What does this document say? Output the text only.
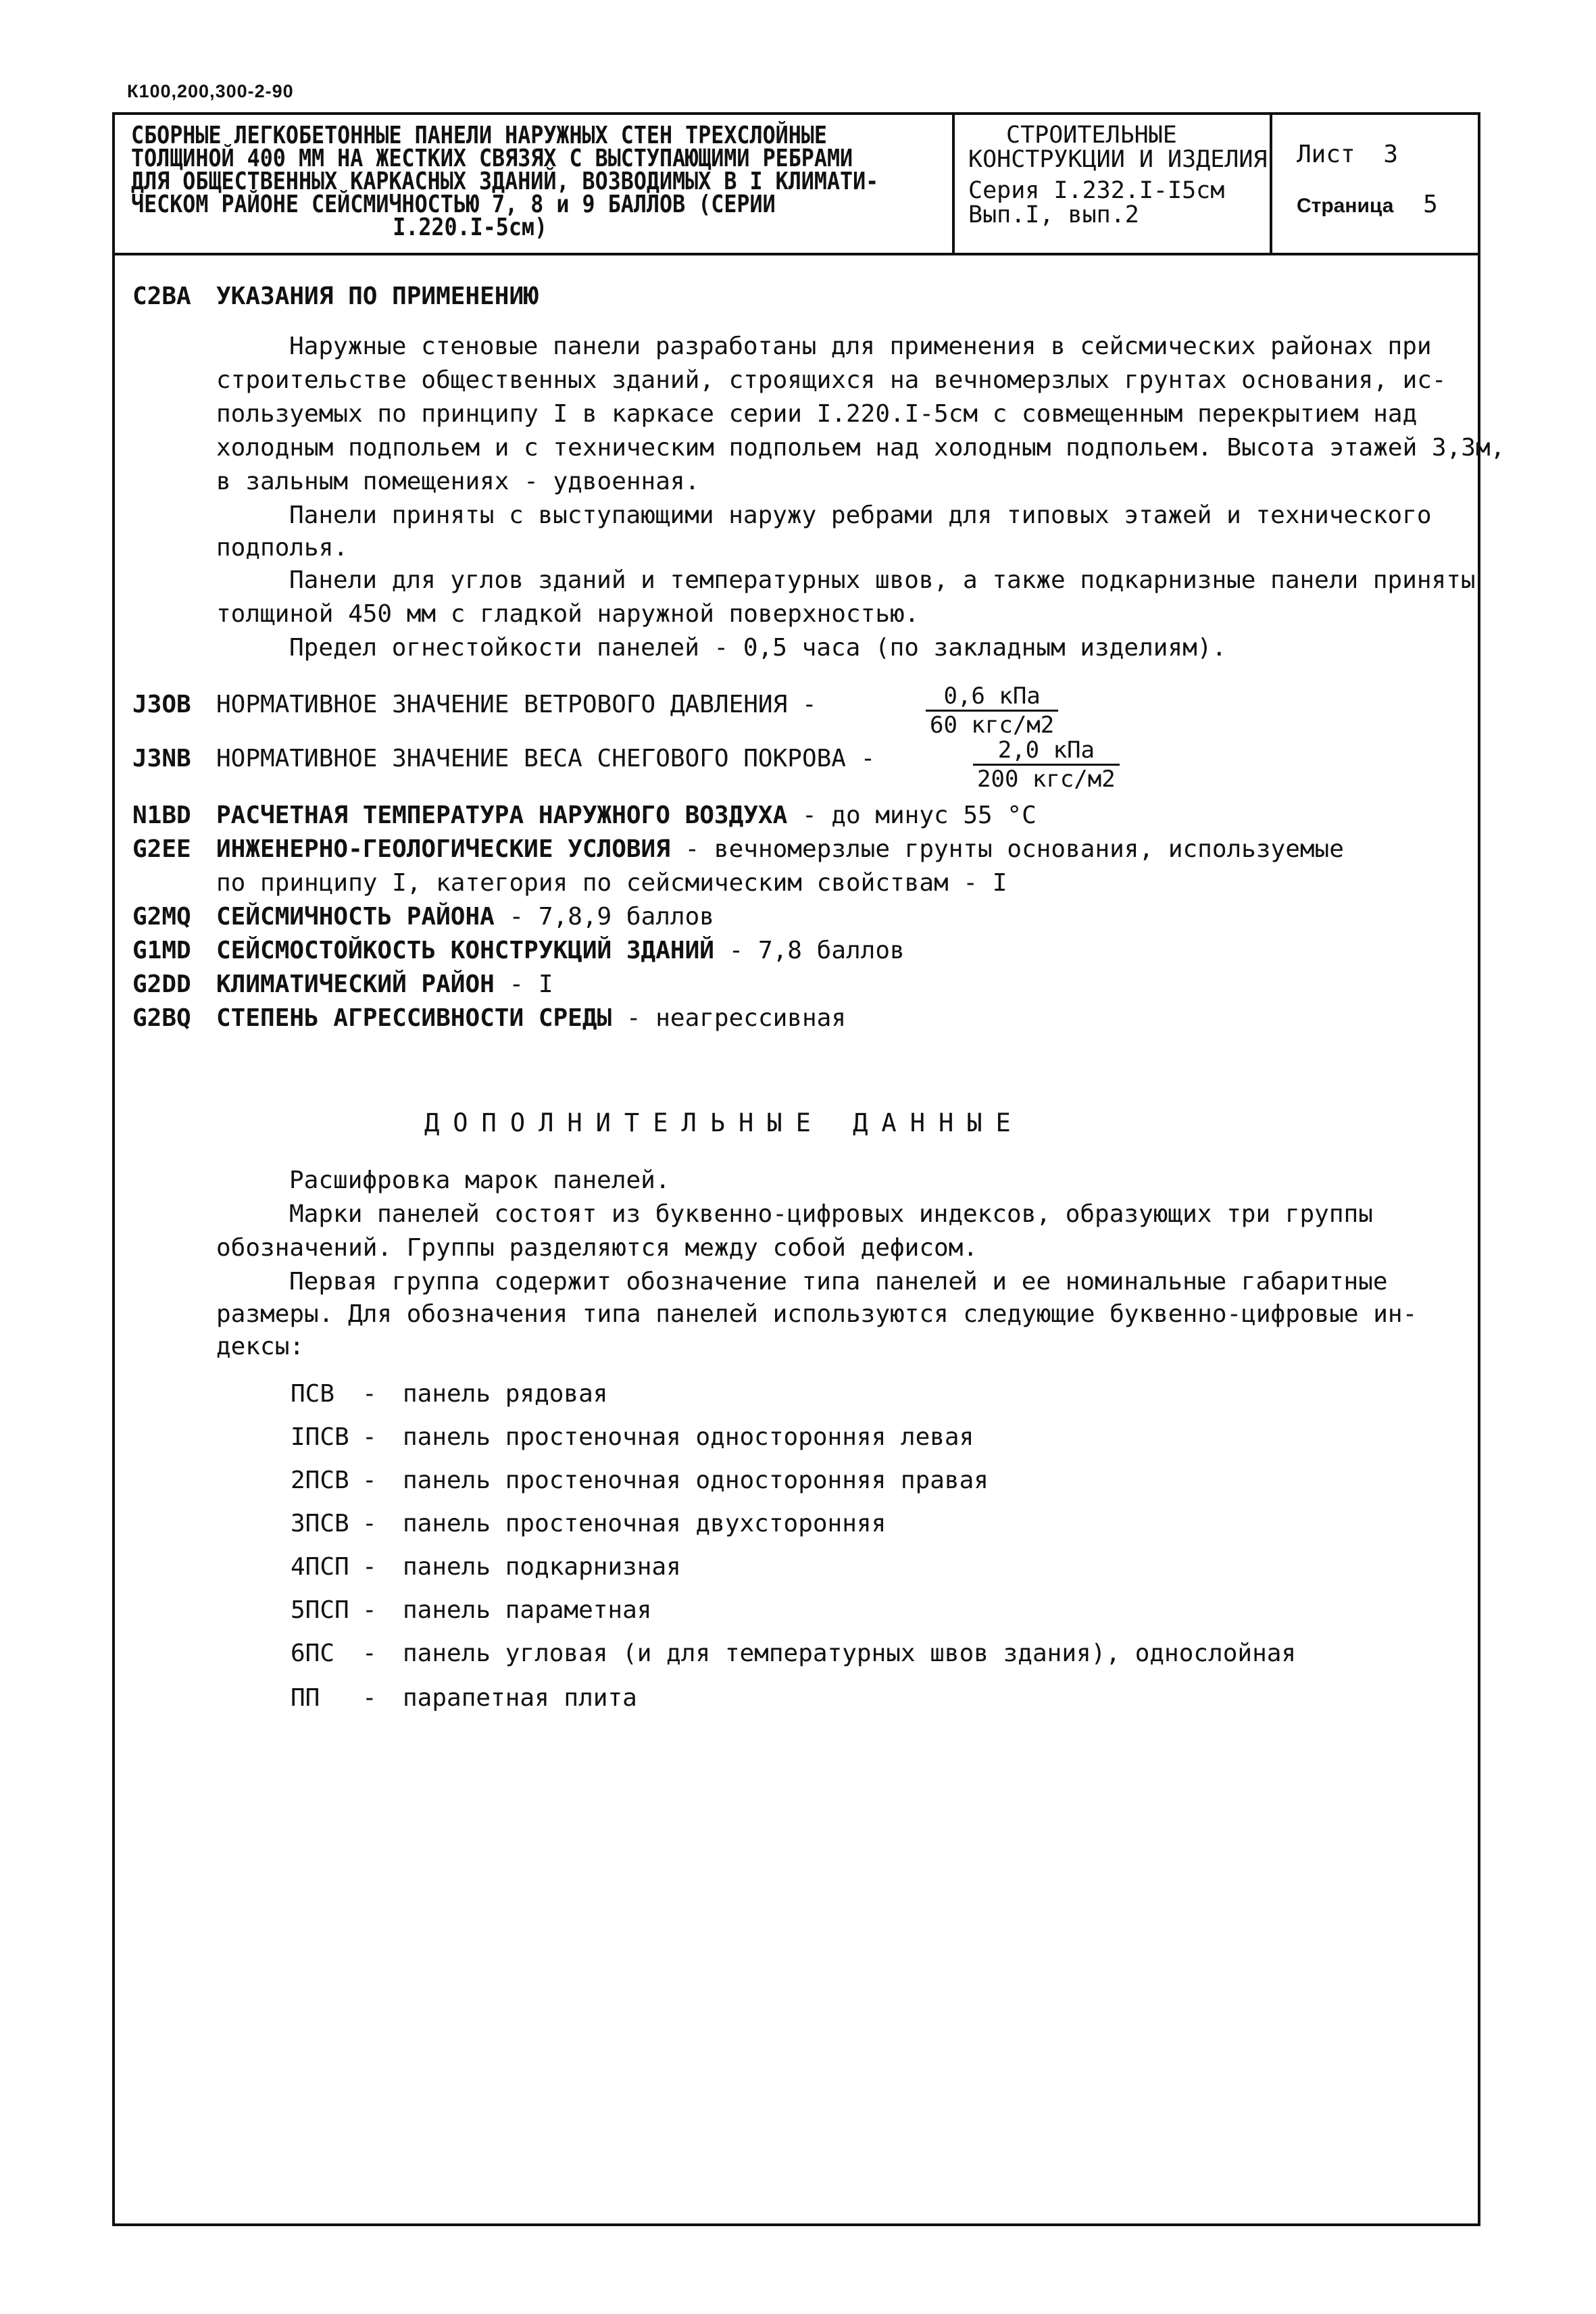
К100,200,300-2-90
СБОРНЫЕ ЛЕГКОБЕТОННЫЕ ПАНЕЛИ НАРУЖНЫХ СТЕН ТРЕХСЛОЙНЫЕ
ТОЛЩИНОЙ 400 ММ НА ЖЕСТКИХ СВЯЗЯХ С ВЫСТУПАЮЩИМИ РЕБРАМИ
ДЛЯ ОБЩЕСТВЕННЫХ КАРКАСНЫХ ЗДАНИЙ, ВОЗВОДИМЫХ В I КЛИМАТИ-
ЧЕСКОМ РАЙОНЕ СЕЙСМИЧНОСТЬЮ 7, 8 и 9 БАЛЛОВ (СЕРИИ
I.220.I-5см)
СТРОИТЕЛЬНЫЕ
КОНСТРУКЦИИ И ИЗДЕЛИЯ
Серия I.232.I-I5см
Вып.I, вып.2
Лист 3
Страница 5
C2BA УКАЗАНИЯ ПО ПРИМЕНЕНИЮ
Наружные стеновые панели разработаны для применения в сейсмических районах при
строительстве общественных зданий, строящихся на вечномерзлых грунтах основания, ис-
пользуемых по принципу I в каркасе серии I.220.I-5см с совмещенным перекрытием над
холодным подпольем и с техническим подпольем над холодным подпольем. Высота этажей 3,3м,
в зальным помещениях - удвоенная.
Панели приняты с выступающими наружу ребрами для типовых этажей и технического
подполья.
Панели для углов зданий и температурных швов, а также подкарнизные панели приняты
толщиной 450 мм с гладкой наружной поверхностью.
Предел огнестойкости панелей - 0,5 часа (по закладным изделиям).
J3OB НОРМАТИВНОЕ ЗНАЧЕНИЕ ВЕТРОВОГО ДАВЛЕНИЯ -	0,6 кПа
60 кгс/м2
J3NB НОРМАТИВНОЕ ЗНАЧЕНИЕ ВЕСА СНЕГОВОГО ПОКРОВА -	2,0 кПа
200 кгс/м2
N1BD РАСЧЕТНАЯ ТЕМПЕРАТУРА НАРУЖНОГО ВОЗДУХА - до минус 55 °С
G2EE ИНЖЕНЕРНО-ГЕОЛОГИЧЕСКИЕ УСЛОВИЯ - вечномерзлые грунты основания, используемые
по принципу I, категория по сейсмическим свойствам - I
G2MQ СЕЙСМИЧНОСТЬ РАЙОНА - 7,8,9 баллов
G1MD СЕЙСМОСТОЙКОСТЬ КОНСТРУКЦИЙ ЗДАНИЙ - 7,8 баллов
G2DD КЛИМАТИЧЕСКИЙ РАЙОН - I
G2BQ СТЕПЕНЬ АГРЕССИВНОСТИ СРЕДЫ - неагрессивная
ДОПОЛНИТЕЛЬНЫЕ ДАННЫЕ
Расшифровка марок панелей.
Марки панелей состоят из буквенно-цифровых индексов, образующих три группы
обозначений. Группы разделяются между собой дефисом.
Первая группа содержит обозначение типа панелей и ее номинальные габаритные
размеры. Для обозначения типа панелей используются следующие буквенно-цифровые ин-
дексы:
ПСВ - панель рядовая
IПСВ - панель простеночная односторонняя левая
2ПСВ - панель простеночная односторонняя правая
3ПСВ - панель простеночная двухсторонняя
4ПСП - панель подкарнизная
5ПСП - панель параметная
6ПС - панель угловая (и для температурных швов здания), однослойная
ПП - парапетная плита
